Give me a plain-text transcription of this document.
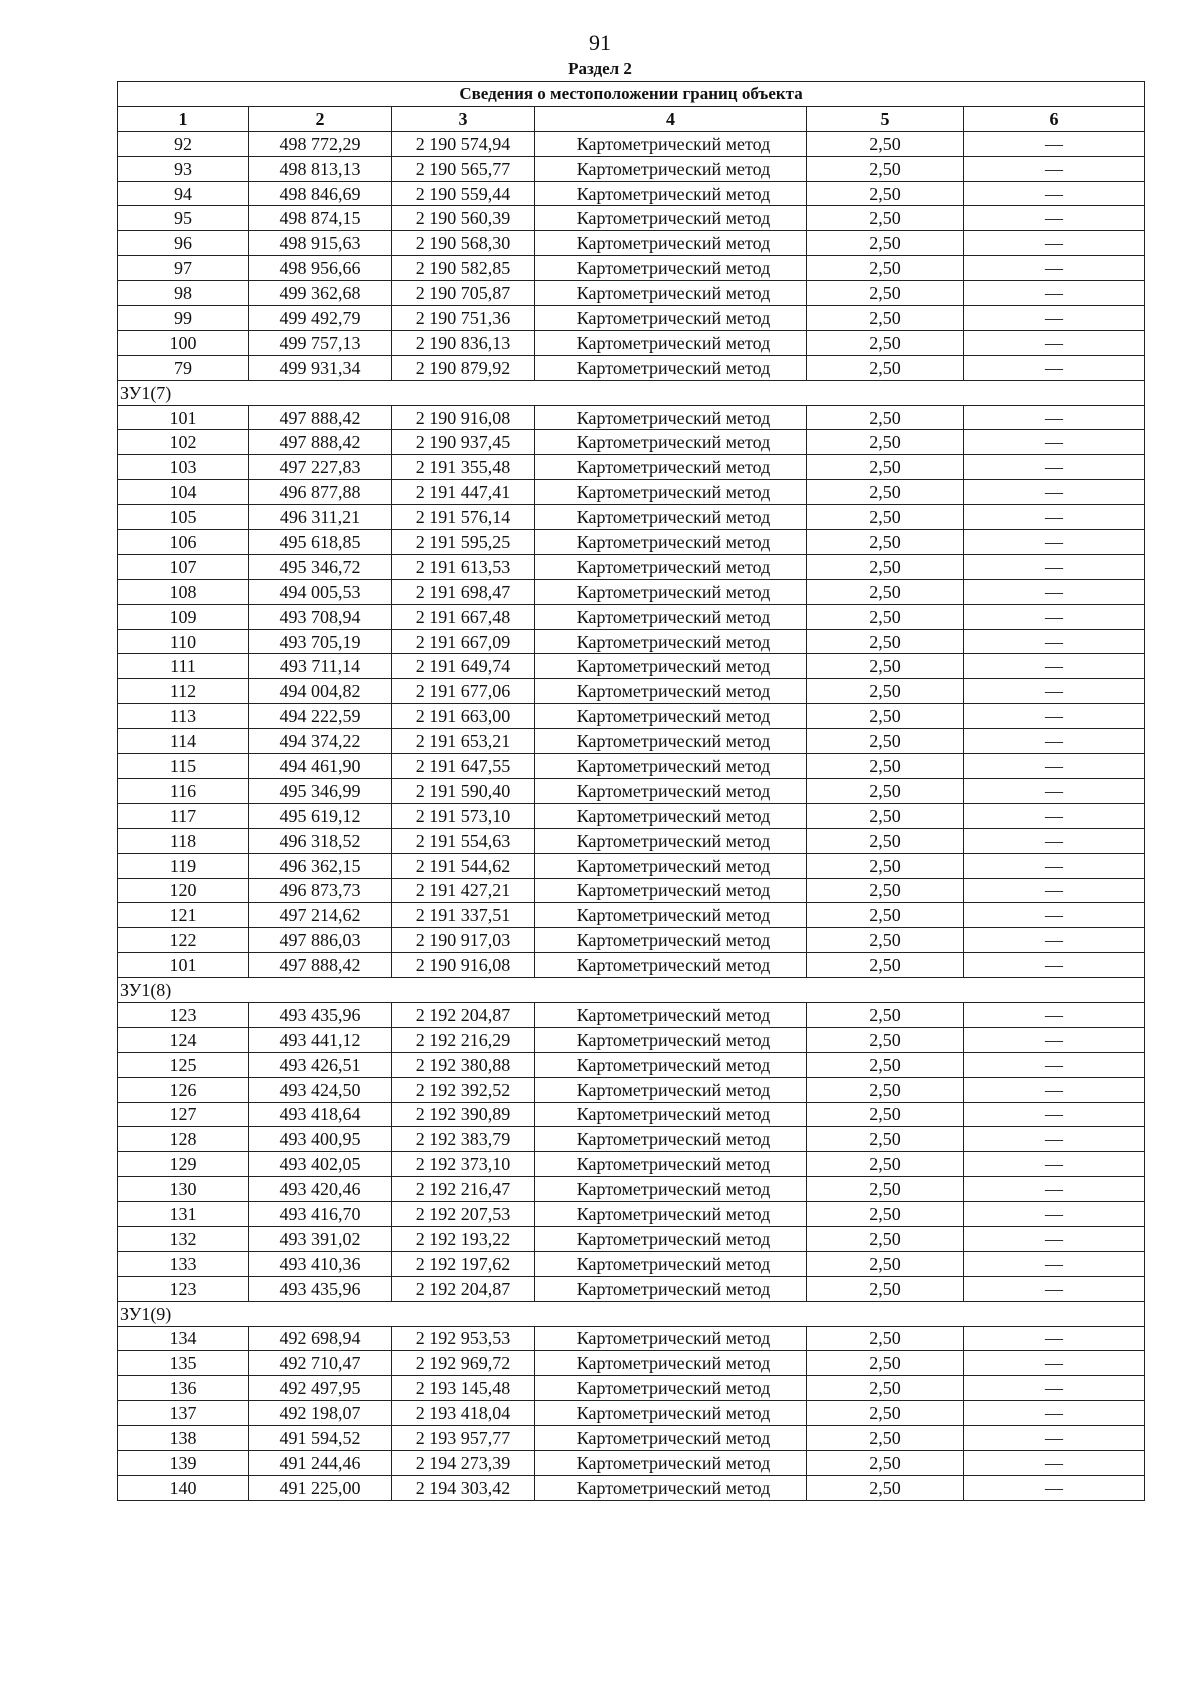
91
Раздел 2
Сведения о местоположении границ объекта					
1	2	3	4	5	6
92	498 772,29	2 190 574,94	Картометрический метод	2,50	—
93	498 813,13	2 190 565,77	Картометрический метод	2,50	—
94	498 846,69	2 190 559,44	Картометрический метод	2,50	—
95	498 874,15	2 190 560,39	Картометрический метод	2,50	—
96	498 915,63	2 190 568,30	Картометрический метод	2,50	—
97	498 956,66	2 190 582,85	Картометрический метод	2,50	—
98	499 362,68	2 190 705,87	Картометрический метод	2,50	—
99	499 492,79	2 190 751,36	Картометрический метод	2,50	—
100	499 757,13	2 190 836,13	Картометрический метод	2,50	—
79	499 931,34	2 190 879,92	Картометрический метод	2,50	—
ЗУ1(7)					
101	497 888,42	2 190 916,08	Картометрический метод	2,50	—
102	497 888,42	2 190 937,45	Картометрический метод	2,50	—
103	497 227,83	2 191 355,48	Картометрический метод	2,50	—
104	496 877,88	2 191 447,41	Картометрический метод	2,50	—
105	496 311,21	2 191 576,14	Картометрический метод	2,50	—
106	495 618,85	2 191 595,25	Картометрический метод	2,50	—
107	495 346,72	2 191 613,53	Картометрический метод	2,50	—
108	494 005,53	2 191 698,47	Картометрический метод	2,50	—
109	493 708,94	2 191 667,48	Картометрический метод	2,50	—
110	493 705,19	2 191 667,09	Картометрический метод	2,50	—
111	493 711,14	2 191 649,74	Картометрический метод	2,50	—
112	494 004,82	2 191 677,06	Картометрический метод	2,50	—
113	494 222,59	2 191 663,00	Картометрический метод	2,50	—
114	494 374,22	2 191 653,21	Картометрический метод	2,50	—
115	494 461,90	2 191 647,55	Картометрический метод	2,50	—
116	495 346,99	2 191 590,40	Картометрический метод	2,50	—
117	495 619,12	2 191 573,10	Картометрический метод	2,50	—
118	496 318,52	2 191 554,63	Картометрический метод	2,50	—
119	496 362,15	2 191 544,62	Картометрический метод	2,50	—
120	496 873,73	2 191 427,21	Картометрический метод	2,50	—
121	497 214,62	2 191 337,51	Картометрический метод	2,50	—
122	497 886,03	2 190 917,03	Картометрический метод	2,50	—
101	497 888,42	2 190 916,08	Картометрический метод	2,50	—
ЗУ1(8)					
123	493 435,96	2 192 204,87	Картометрический метод	2,50	—
124	493 441,12	2 192 216,29	Картометрический метод	2,50	—
125	493 426,51	2 192 380,88	Картометрический метод	2,50	—
126	493 424,50	2 192 392,52	Картометрический метод	2,50	—
127	493 418,64	2 192 390,89	Картометрический метод	2,50	—
128	493 400,95	2 192 383,79	Картометрический метод	2,50	—
129	493 402,05	2 192 373,10	Картометрический метод	2,50	—
130	493 420,46	2 192 216,47	Картометрический метод	2,50	—
131	493 416,70	2 192 207,53	Картометрический метод	2,50	—
132	493 391,02	2 192 193,22	Картометрический метод	2,50	—
133	493 410,36	2 192 197,62	Картометрический метод	2,50	—
123	493 435,96	2 192 204,87	Картометрический метод	2,50	—
ЗУ1(9)					
134	492 698,94	2 192 953,53	Картометрический метод	2,50	—
135	492 710,47	2 192 969,72	Картометрический метод	2,50	—
136	492 497,95	2 193 145,48	Картометрический метод	2,50	—
137	492 198,07	2 193 418,04	Картометрический метод	2,50	—
138	491 594,52	2 193 957,77	Картометрический метод	2,50	—
139	491 244,46	2 194 273,39	Картометрический метод	2,50	—
140	491 225,00	2 194 303,42	Картометрический метод	2,50	—
